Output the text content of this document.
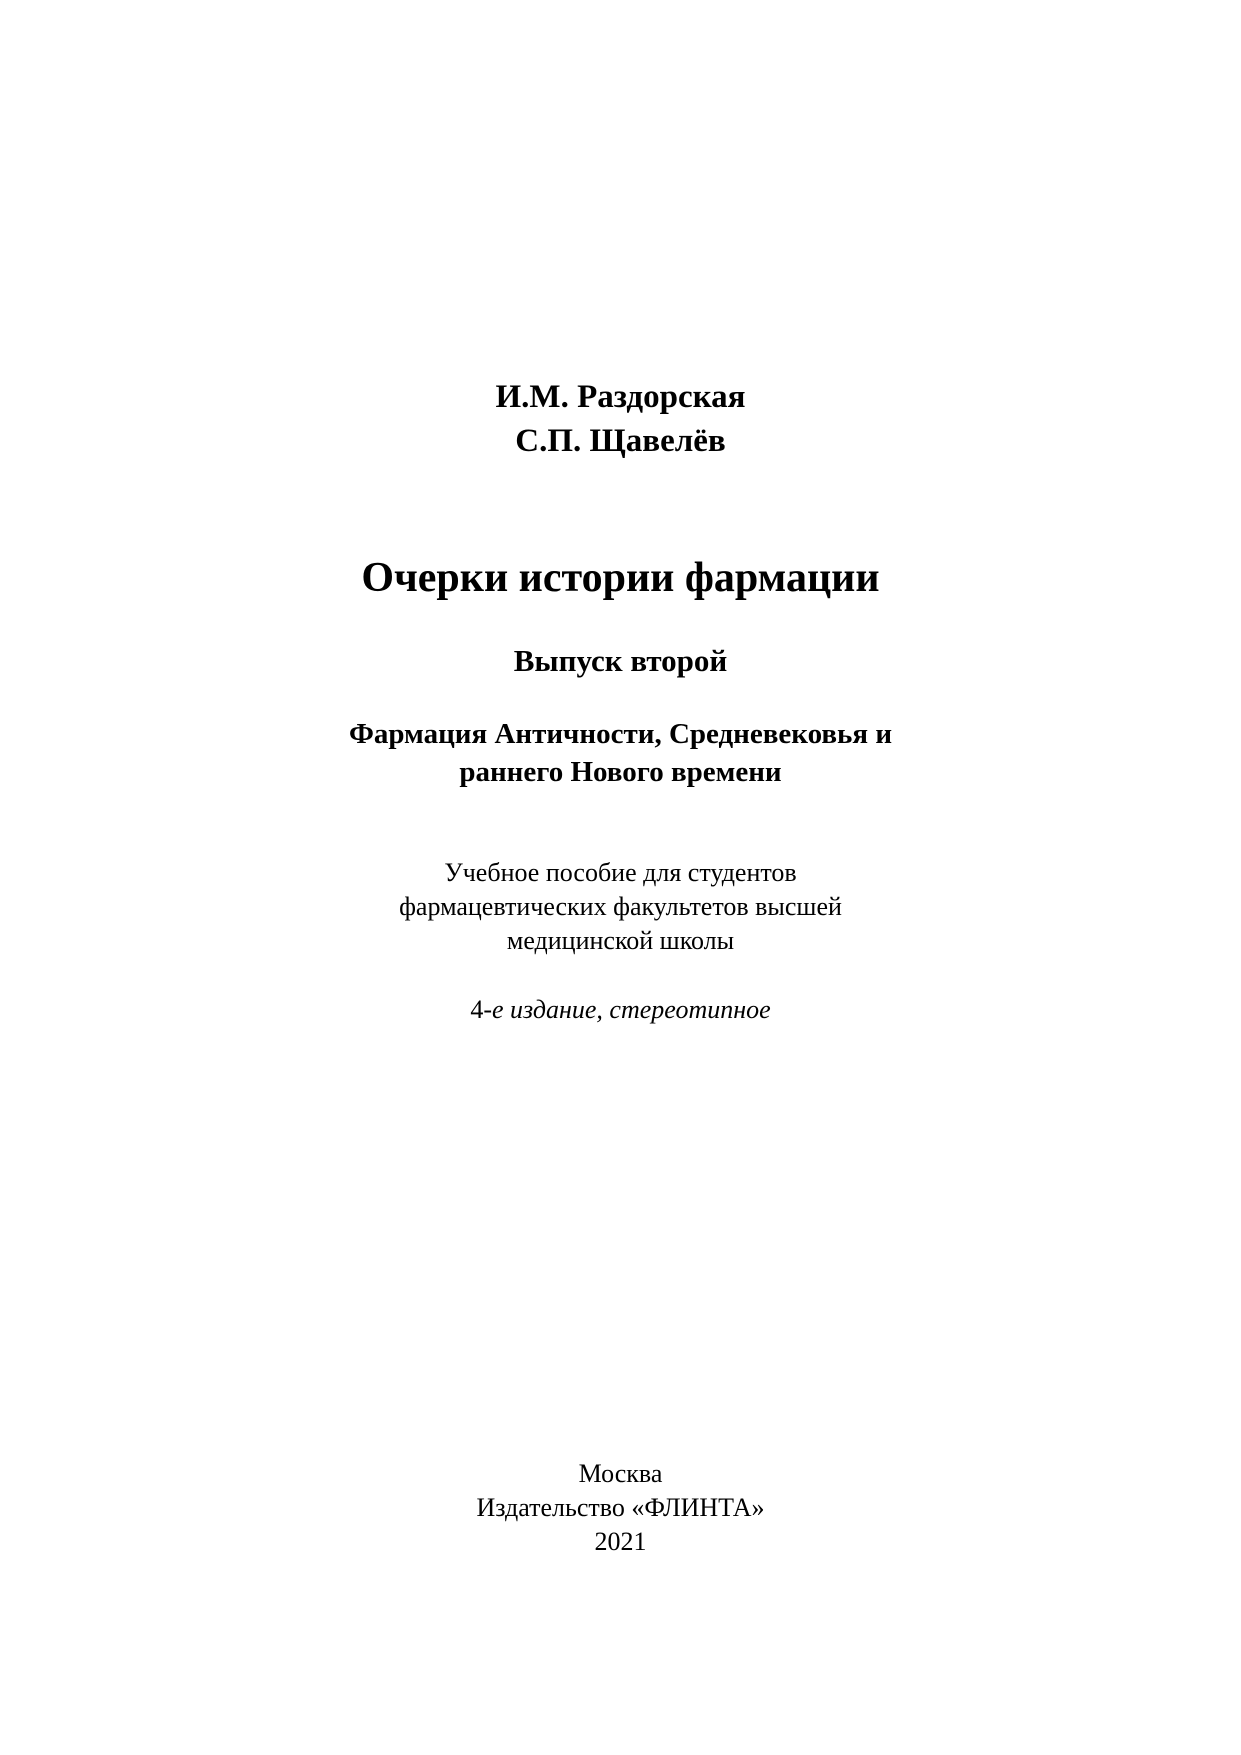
И.М. Раздорская
С.П. Щавелёв
Очерки истории фармации
Выпуск второй
Фармация Античности, Средневековья и
раннего Нового времени
Учебное пособие для студентов
фармацевтических факультетов высшей
медицинской школы
4-е издание, стереотипное
Москва
Издательство «ФЛИНТА»
2021
